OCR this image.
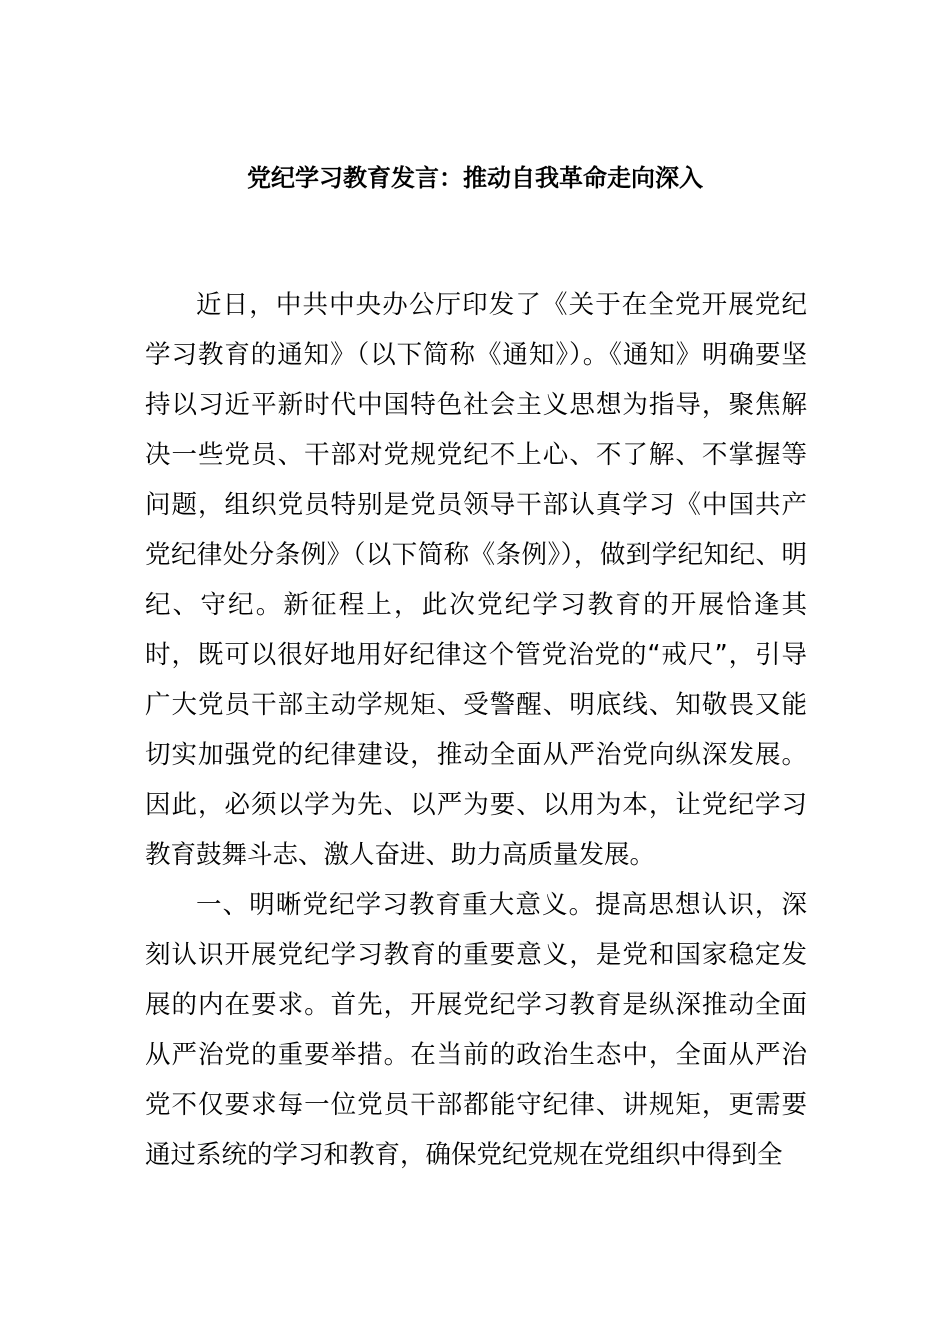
党纪学习教育发言：推动自我革命走向深入

近日，中共中央办公厅印发了《关于在全党开展党纪学习教育的通知》（以下简称《通知》）。《通知》明确要坚持以习近平新时代中国特色社会主义思想为指导，聚焦解决一些党员、干部对党规党纪不上心、不了解、不掌握等问题，组织党员特别是党员领导干部认真学习《中国共产党纪律处分条例》（以下简称《条例》），做到学纪知纪、明纪、守纪。新征程上，此次党纪学习教育的开展恰逢其时，既可以很好地用好纪律这个管党治党的“戒尺”，引导广大党员干部主动学规矩、受警醒、明底线、知敬畏又能切实加强党的纪律建设，推动全面从严治党向纵深发展。因此，必须以学为先、以严为要、以用为本，让党纪学习教育鼓舞斗志、激人奋进、助力高质量发展。

一、明晰党纪学习教育重大意义。提高思想认识，深刻认识开展党纪学习教育的重要意义，是党和国家稳定发展的内在要求。首先，开展党纪学习教育是纵深推动全面从严治党的重要举措。在当前的政治生态中，全面从严治党不仅要求每一位党员干部都能守纪律、讲规矩，更需要通过系统的学习和教育，确保党纪党规在党组织中得到全
